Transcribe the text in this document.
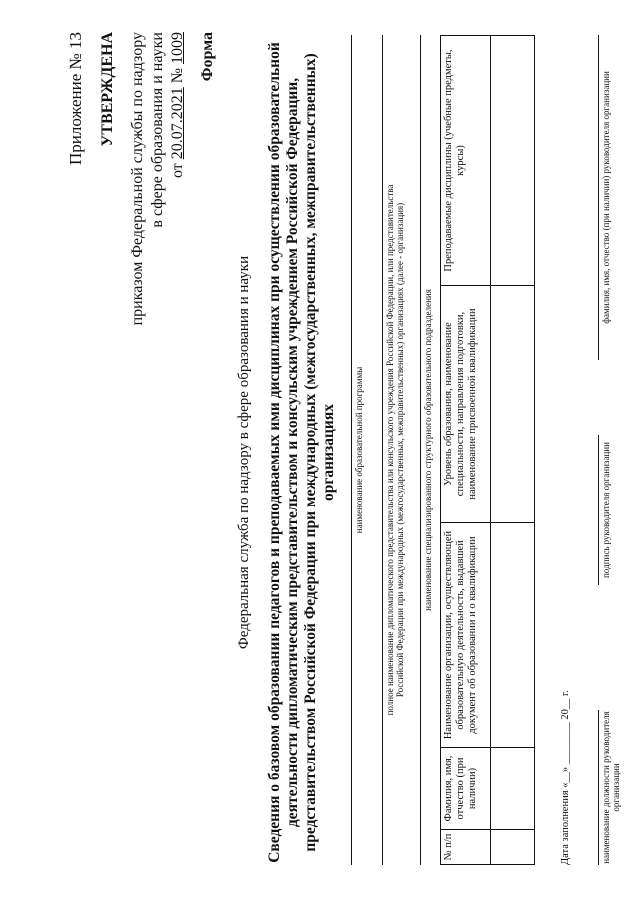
Приложение № 13 УТВЕРЖДЕНА приказом Федеральной службы по надзору в сфере образования и науки от 20.07.2021 № 1009 Форма
Федеральная служба по надзору в сфере образования и науки Сведения о базовом образовании педагогов и преподаваемых ими дисциплинах при осуществлении образовательной деятельности дипломатическим представительством и консульским учреждением Российской Федерации, представительством Российской Федерации при международных (межгосударственных, межправительственных) организациях наименование образовательной программы полное наименование дипломатического представительства или консульского учреждения Российской Федерации, или представительства Российской Федерации при международных (межгосударственных, межправительственных) организациях (далее - организация) наименование специализированного структурного образовательного подразделения
№ п/п	Фамилия, имя, отчество (при наличии)	Наименование организации, осуществляющей образовательную деятельность, выдавшей документ об образовании и о квалификации	Уровень образования, наименование специальности, направления подготовки, наименование присвоенной квалификации	Преподаваемые дисциплины (учебные предметы, курсы)

Дата заполнения «__» ________ 20__ г.	наименование должности руководителя организации
подпись руководителя организации
фамилия, имя, отчество (при наличии) руководителя организации
